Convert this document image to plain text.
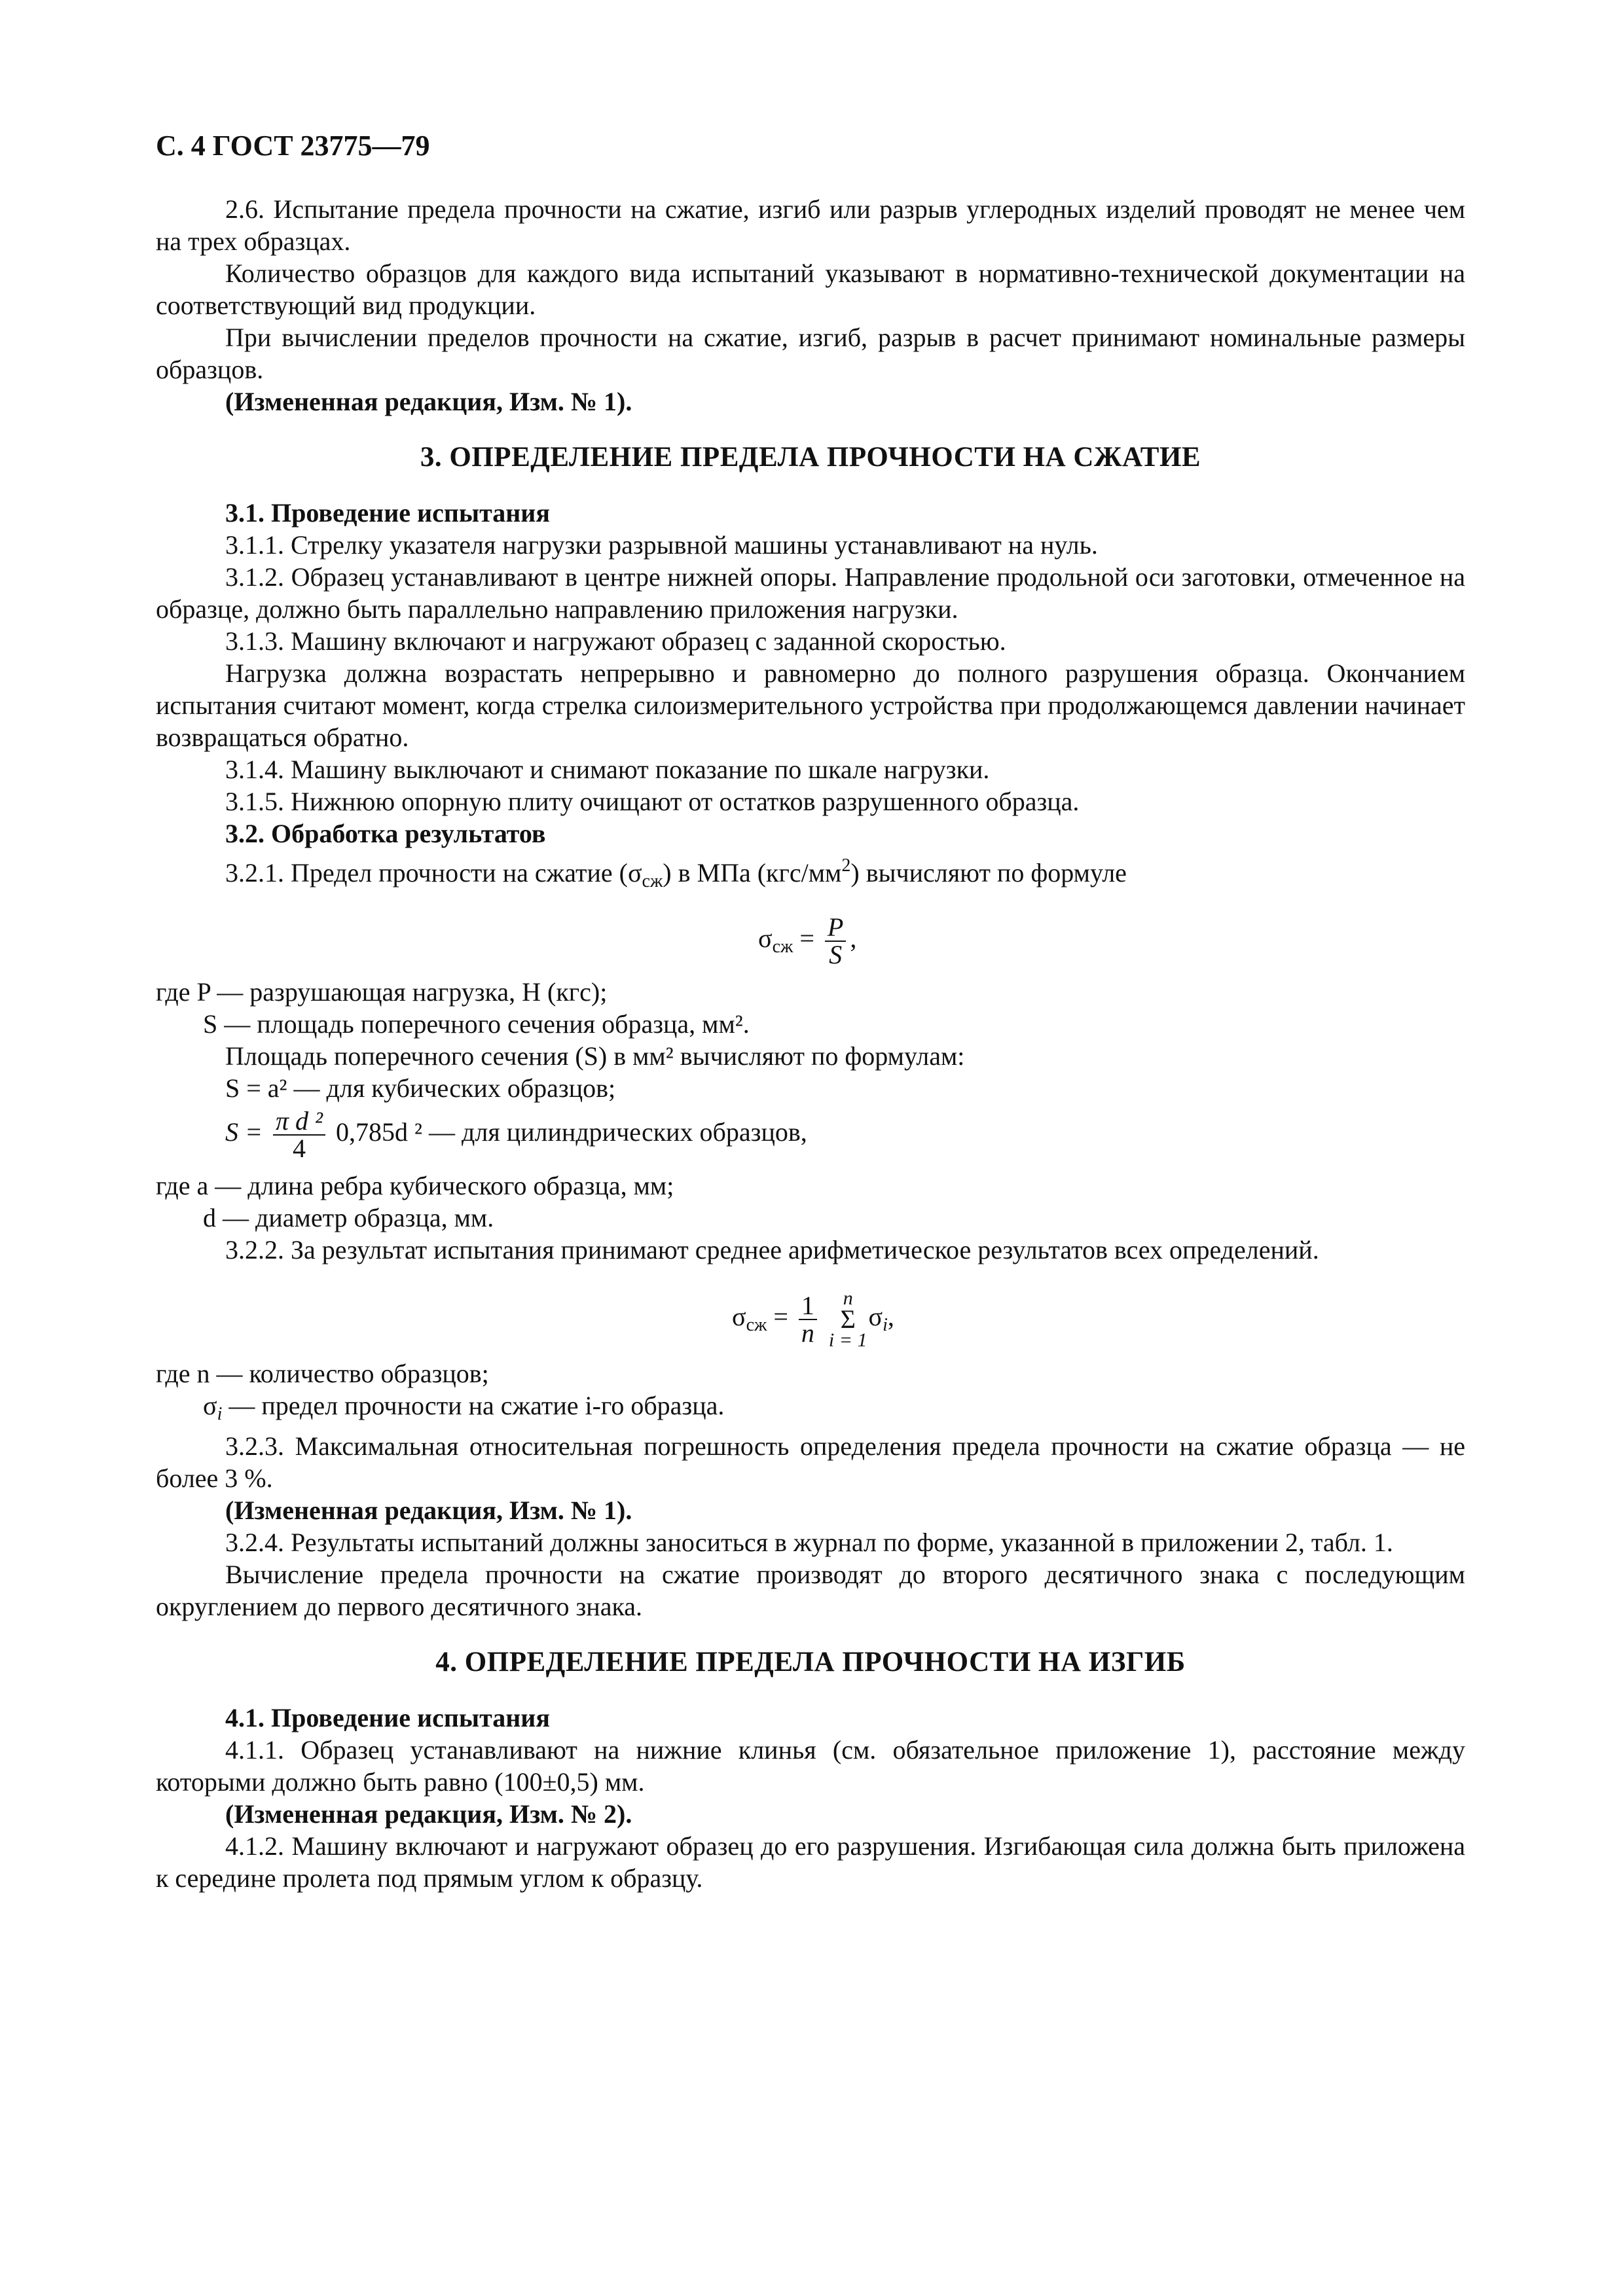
С. 4 ГОСТ 23775—79

2.6. Испытание предела прочности на сжатие, изгиб или разрыв углеродных изделий проводят не менее чем на трех образцах.

Количество образцов для каждого вида испытаний указывают в нормативно-технической документации на соответствующий вид продукции.

При вычислении пределов прочности на сжатие, изгиб, разрыв в расчет принимают номинальные размеры образцов.

(Измененная редакция, Изм. № 1).

3. ОПРЕДЕЛЕНИЕ ПРЕДЕЛА ПРОЧНОСТИ НА СЖАТИЕ

3.1. Проведение испытания

3.1.1. Стрелку указателя нагрузки разрывной машины устанавливают на нуль.

3.1.2. Образец устанавливают в центре нижней опоры. Направление продольной оси заготовки, отмеченное на образце, должно быть параллельно направлению приложения нагрузки.

3.1.3. Машину включают и нагружают образец с заданной скоростью.

Нагрузка должна возрастать непрерывно и равномерно до полного разрушения образца. Окончанием испытания считают момент, когда стрелка силоизмерительного устройства при продолжающемся давлении начинает возвращаться обратно.

3.1.4. Машину выключают и снимают показание по шкале нагрузки.

3.1.5. Нижнюю опорную плиту очищают от остатков разрушенного образца.

3.2. Обработка результатов

3.2.1. Предел прочности на сжатие $(\sigma_{сж})$ в МПа $(кгс/мм^2)$ вычисляют по формуле

$\sigma_{сж} = \frac{P}{S}$ ,

где P — разрушающая нагрузка, Н (кгс);

S — площадь поперечного сечения образца, мм².

Площадь поперечного сечения (S) в мм² вычисляют по формулам:

S = a² — для кубических образцов;

$S = \frac{\text{π d ²}}{4} 0,785d$ ² — для цилиндрических образцов,

где a — длина ребра кубического образца, мм;

d — диаметр образца, мм.

3.2.2. За результат испытания принимают среднее арифметическое результатов всех определений.

$\sigma_{сж} = \frac{1}{n}$
	n
Σ
i = 1
$\sigma_i$,

где n — количество образцов;

$\sigma_i$ — предел прочности на сжатие i-го образца.

3.2.3. Максимальная относительная погрешность определения предела прочности на сжатие образца — не более 3 %.

(Измененная редакция, Изм. № 1).

3.2.4. Результаты испытаний должны заноситься в журнал по форме, указанной в приложении 2, табл. 1.

Вычисление предела прочности на сжатие производят до второго десятичного знака с последующим округлением до первого десятичного знака.

4. ОПРЕДЕЛЕНИЕ ПРЕДЕЛА ПРОЧНОСТИ НА ИЗГИБ

4.1. Проведение испытания

4.1.1. Образец устанавливают на нижние клинья (см. обязательное приложение 1), расстояние между которыми должно быть равно (100±0,5) мм.

(Измененная редакция, Изм. № 2).

4.1.2. Машину включают и нагружают образец до его разрушения. Изгибающая сила должна быть приложена к середине пролета под прямым углом к образцу.
